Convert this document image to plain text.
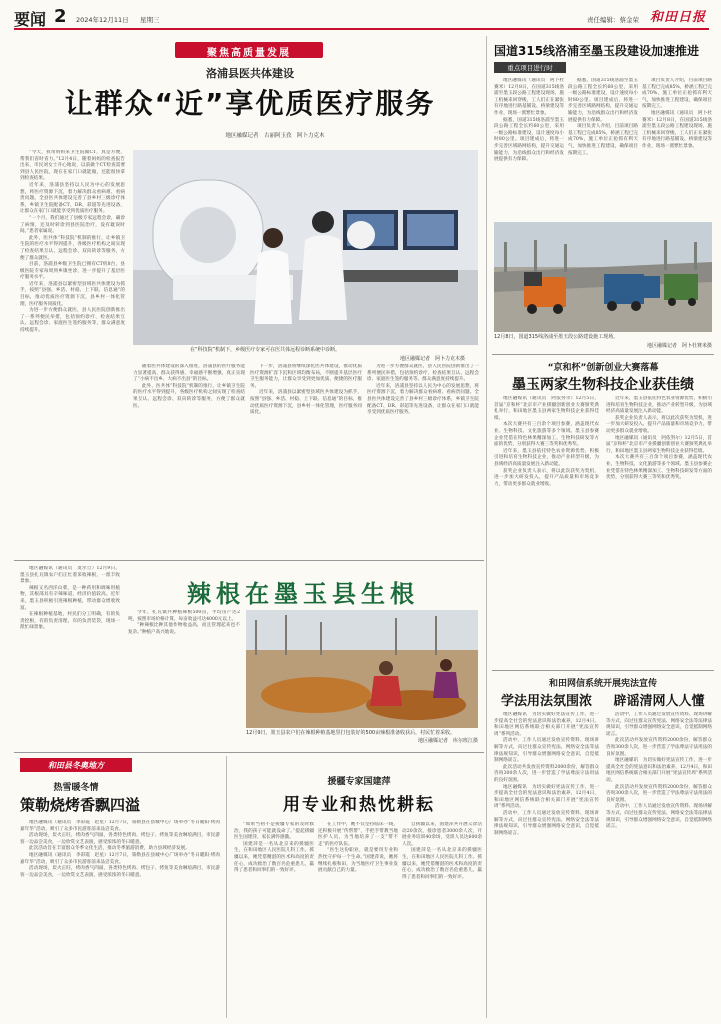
要闻 2 2024年12月11日 星期三	责任编辑：蔡金荣 和田日报
聚焦高质量发展
洛浦县医共体建设
让群众“近”享优质医疗服务
地区融媒记者　古丽阿玉孜　阿卜力克木

“今天，我带妈妈来卫生院做CT，真是方便，帮我们省时省力。”12月4日，随着妈妈的检查报告出来，市民刘女士开心地说，以前做个CT检查需要到县人民医院，现在在家门口就能做，还能很快拿到检查结果。

近年来，洛浦县坚持以人民为中心的发展思想，将医疗资源下沉，着力解决群众看病难、看病贵问题。全县医共体建设完善了县乡村三级诊疗体系，乡镇卫生院配备CT、DR、彩超等先进设备，让群众在家门口就能享受到优质医疗服务。

“一个月，我们通过了县级专家远程会诊，确诊了病情，还及时转诊到县医院治疗，没有耽误时间。”患者家属说。

此外，医共体“科技院”机制的推行，让乡镇卫生院的医疗水平得到提升，各级医疗机构之间实现了检查结果互认、远程会诊、双向转诊等服务，方便了群众就医。

目前，洛浦县乡级卫生院已拥有CT机8台，县级医院专家每周到乡镇坐诊，进一步提升了基层医疗服务水平。

近年来，洛浦县以紧密型县域医共体建设为抓手，按照“县强、乡活、村稳、上下联、信息通”的目标，推动优质医疗资源下沉，县乡村一体化管理，医疗服务同质化。

为进一步方便群众就医，县人民医院创新推出了一系列便民举措，包括预约诊疗、检查结果互认、远程会诊、家庭医生签约服务等，群众满意度持续提升。

在“科技院”机制下，乡级医疗专家可在医共体远程诊断系统中诊断。
地区融媒记者　阿卜力克木摄

随着医共体建设的深入推进，洛浦县的医疗服务能力显著提高，群众获得感、幸福感不断增强，真正实现了“小病不出乡、大病不出县”的目标。

此外，医共体“科技院”机制的推行，让乡镇卫生院的医疗水平得到提升，各级医疗机构之间实现了检查结果互认、远程会诊、双向转诊等服务，方便了群众就医。

下一步，洛浦县将继续深化医共体建设，推动优质医疗资源扩容下沉和区域均衡布局，不断提升基层医疗卫生服务能力，让群众享受到更加优质、便捷的医疗服务。

近年来，洛浦县以紧密型县域医共体建设为抓手，按照“县强、乡活、村稳、上下联、信息通”的目标，推动优质医疗资源下沉，县乡村一体化管理，医疗服务同质化。

为进一步方便群众就医，县人民医院创新推出了一系列便民举措，包括预约诊疗、检查结果互认、远程会诊、家庭医生签约服务等，群众满意度持续提升。

近年来，洛浦县坚持以人民为中心的发展思想，将医疗资源下沉，着力解决群众看病难、看病贵问题。全县医共体建设完善了县乡村三级诊疗体系，乡镇卫生院配备CT、DR、彩超等先进设备，让群众在家门口就能享受到优质医疗服务。

国道315线洛浦至墨玉段建设加速推进
重点项目进行时

地区融媒讯（通讯员　阿卜杜赛米）12月8日，在国道315线洛浦至墨玉段公路工程建设现场，施工机械来回穿梭，工人们正在紧张有序地进行路基铺设、桥梁建设等作业，现场一派繁忙景象。

据悉，国道315线洛浦至墨玉段公路工程全长约60公里，采用一级公路标准建设，设计速度每小时80公里。项目建成后，将进一步完善区域路网结构，提升交通运输能力，为沿线群众出行和经济发展提供有力保障。

据悉，国道315线洛浦至墨玉段公路工程全长约60公里，采用一级公路标准建设，设计速度每小时80公里。项目建成后，将进一步完善区域路网结构，提升交通运输能力，为沿线群众出行和经济发展提供有力保障。

项目负责人介绍，目前项目路基工程已完成85%，桥涵工程已完成70%，施工单位正抢抓有利天气，加快推进工程建设，确保项目按期完工。

项目负责人介绍，目前项目路基工程已完成85%，桥涵工程已完成70%，施工单位正抢抓有利天气，加快推进工程建设，确保项目按期完工。

地区融媒讯（通讯员　阿卜杜赛米）12月8日，在国道315线洛浦至墨玉段公路工程建设现场，施工机械来回穿梭，工人们正在紧张有序地进行路基铺设、桥梁建设等作业，现场一派繁忙景象。

12月8日，国道315线洛浦至墨玉段公路建设施工现场。
地区融媒记者　阿卜杜赛米摄
“京和杯”创新创业大赛落幕
墨玉两家生物科技企业获佳绩

地区融媒讯（通讯员　阿依努尔）12月5日，首届“京和杯”北京市产业援疆创新创业大赛颁奖典礼举行，和田地区墨玉县两家生物科技企业获得佳绩。

本次大赛共有三百余个项目参赛，涵盖现代农业、生物科技、文化旅游等多个领域。墨玉县参赛企业凭借在特色林果精深加工、生物科技研发等方面的优势，分别获得大赛三等奖和优秀奖。

近年来，墨玉县依托特色农业资源优势，积极引进和培育生物科技企业，推动产业转型升级，为县域经济高质量发展注入新动能。

获奖企业负责人表示，将以此次获奖为契机，进一步加大研发投入，提升产品质量和市场竞争力，带动更多群众就业增收。

近年来，墨玉县依托特色农业资源优势，积极引进和培育生物科技企业，推动产业转型升级，为县域经济高质量发展注入新动能。

获奖企业负责人表示，将以此次获奖为契机，进一步加大研发投入，提升产品质量和市场竞争力，带动更多群众就业增收。

地区融媒讯（通讯员　阿依努尔）12月5日，首届“京和杯”北京市产业援疆创新创业大赛颁奖典礼举行，和田地区墨玉县两家生物科技企业获得佳绩。

本次大赛共有三百余个项目参赛，涵盖现代农业、生物科技、文化旅游等多个领域。墨玉县参赛企业凭借在特色林果精深加工、生物科技研发等方面的优势，分别获得大赛三等奖和优秀奖。

和田网信系统开展宪法宣传
学法用法氛围浓	辟谣清网人人懂

地区融媒讯　为切实做好宪法宣传工作，进一步提高全社会的宪法意识和法治素养，12月4日，和田地区网信系统联合相关部门开展“宪法宣传周”系列活动。

活动中，工作人员通过发放宣传资料、现场讲解等方式，向过往群众宣传宪法、网络安全法等法律法规知识，引导群众增强网络安全意识，自觉抵制网络谣言。

此次活动共发放宣传资料2000余份，解答群众咨询300余人次，进一步营造了学法尊法守法用法的良好氛围。

地区融媒讯　为切实做好宪法宣传工作，进一步提高全社会的宪法意识和法治素养，12月4日，和田地区网信系统联合相关部门开展“宪法宣传周”系列活动。

活动中，工作人员通过发放宣传资料、现场讲解等方式，向过往群众宣传宪法、网络安全法等法律法规知识，引导群众增强网络安全意识，自觉抵制网络谣言。

活动中，工作人员通过发放宣传资料、现场讲解等方式，向过往群众宣传宪法、网络安全法等法律法规知识，引导群众增强网络安全意识，自觉抵制网络谣言。

此次活动共发放宣传资料2000余份，解答群众咨询300余人次，进一步营造了学法尊法守法用法的良好氛围。

地区融媒讯　为切实做好宪法宣传工作，进一步提高全社会的宪法意识和法治素养，12月4日，和田地区网信系统联合相关部门开展“宪法宣传周”系列活动。

此次活动共发放宣传资料2000余份，解答群众咨询300余人次，进一步营造了学法尊法守法用法的良好氛围。

活动中，工作人员通过发放宣传资料、现场讲解等方式，向过往群众宣传宪法、网络安全法等法律法规知识，引导群众增强网络安全意识，自觉抵制网络谣言。

地区融媒讯（通讯员　麦尔旦）12月9日，墨玉县扎瓦镇农户们正忙着采收辣根，一派丰收景象。

辣根又名西洋山菜，是一种药用和调味用植物，其根部具有辛辣味道，经济价值较高。近年来，墨玉县积极引进辣根种植，带动群众增收致富。

在辣根种植基地，村民们分工明确，有的负责挖根，有的负责清理，有的负责装袋，现场一派忙碌景象。

辣根在墨玉县生根

今年，扎瓦镇共种植辣根500亩，平均亩产达2吨，按照市场价格计算，每亩收益可达4000元以上。

“种辣根比种其他作物收益高，而且管理起来也不复杂。”种植户高兴地说。

12月9日，墨玉县农户们在辣根种植基地里打包装好的500亩辣根准备收获后，村民忙着采收。
地区融媒记者　库尔班江摄
和田县冬奥地方
热雪暖冬情
策勒烧烤香飘四溢

地区融媒讯（通讯员　李彩霞　赵星）12月7日，策勒县在县城中心广场举办“冬日暖阳·烤肉嘉年华”活动，吸引了众多市民游客前来品尝美食。

活动现场，炭火正旺，烤肉香气四溢，各类特色烤肉、烤包子、烤鱼等美食琳琅满目，市民游客一边品尝美食，一边欣赏文艺表演，感受浓浓的冬日暖意。

此次活动旨在丰富群众冬季文化生活，推动冬季旅游消费，助力县域经济发展。

地区融媒讯（通讯员　李彩霞　赵星）12月7日，策勒县在县城中心广场举办“冬日暖阳·烤肉嘉年华”活动，吸引了众多市民游客前来品尝美食。

活动现场，炭火正旺，烤肉香气四溢，各类特色烤肉、烤包子、烤鱼等美食琳琅满目，市民游客一边品尝美食，一边欣赏文艺表演，感受浓浓的冬日暖意。

援疆专家国建萍
用专业和热忱耕耘

“如果当初不是援疆专家的及时救治，我的孩子可能就没命了。”提起援疆医生国建萍，家长满怀感激。

国建萍是一名从北京来的援疆医生，在和田地区人民医院儿科工作。援疆以来，她凭借精湛的医术和高度的责任心，成功救治了数百名危重患儿，赢得了患者和同事们的一致好评。

在工作中，她不仅坚持临床一线，还积极开展“传帮带”，手把手带教当地医护人员，为当地培养了一支“带不走”的医疗队伍。

“医生这份职业，就是要用专业和热忱守护每一个生命。”国建萍说，她将继续扎根和田，为当地医疗卫生事业发展贡献自己的力量。

自援疆以来，国建萍共开展义诊活动20余次，接诊患者3000余人次，开展业务培训40余场，受训人员达600余人次。

国建萍是一名从北京来的援疆医生，在和田地区人民医院儿科工作。援疆以来，她凭借精湛的医术和高度的责任心，成功救治了数百名危重患儿，赢得了患者和同事们的一致好评。
